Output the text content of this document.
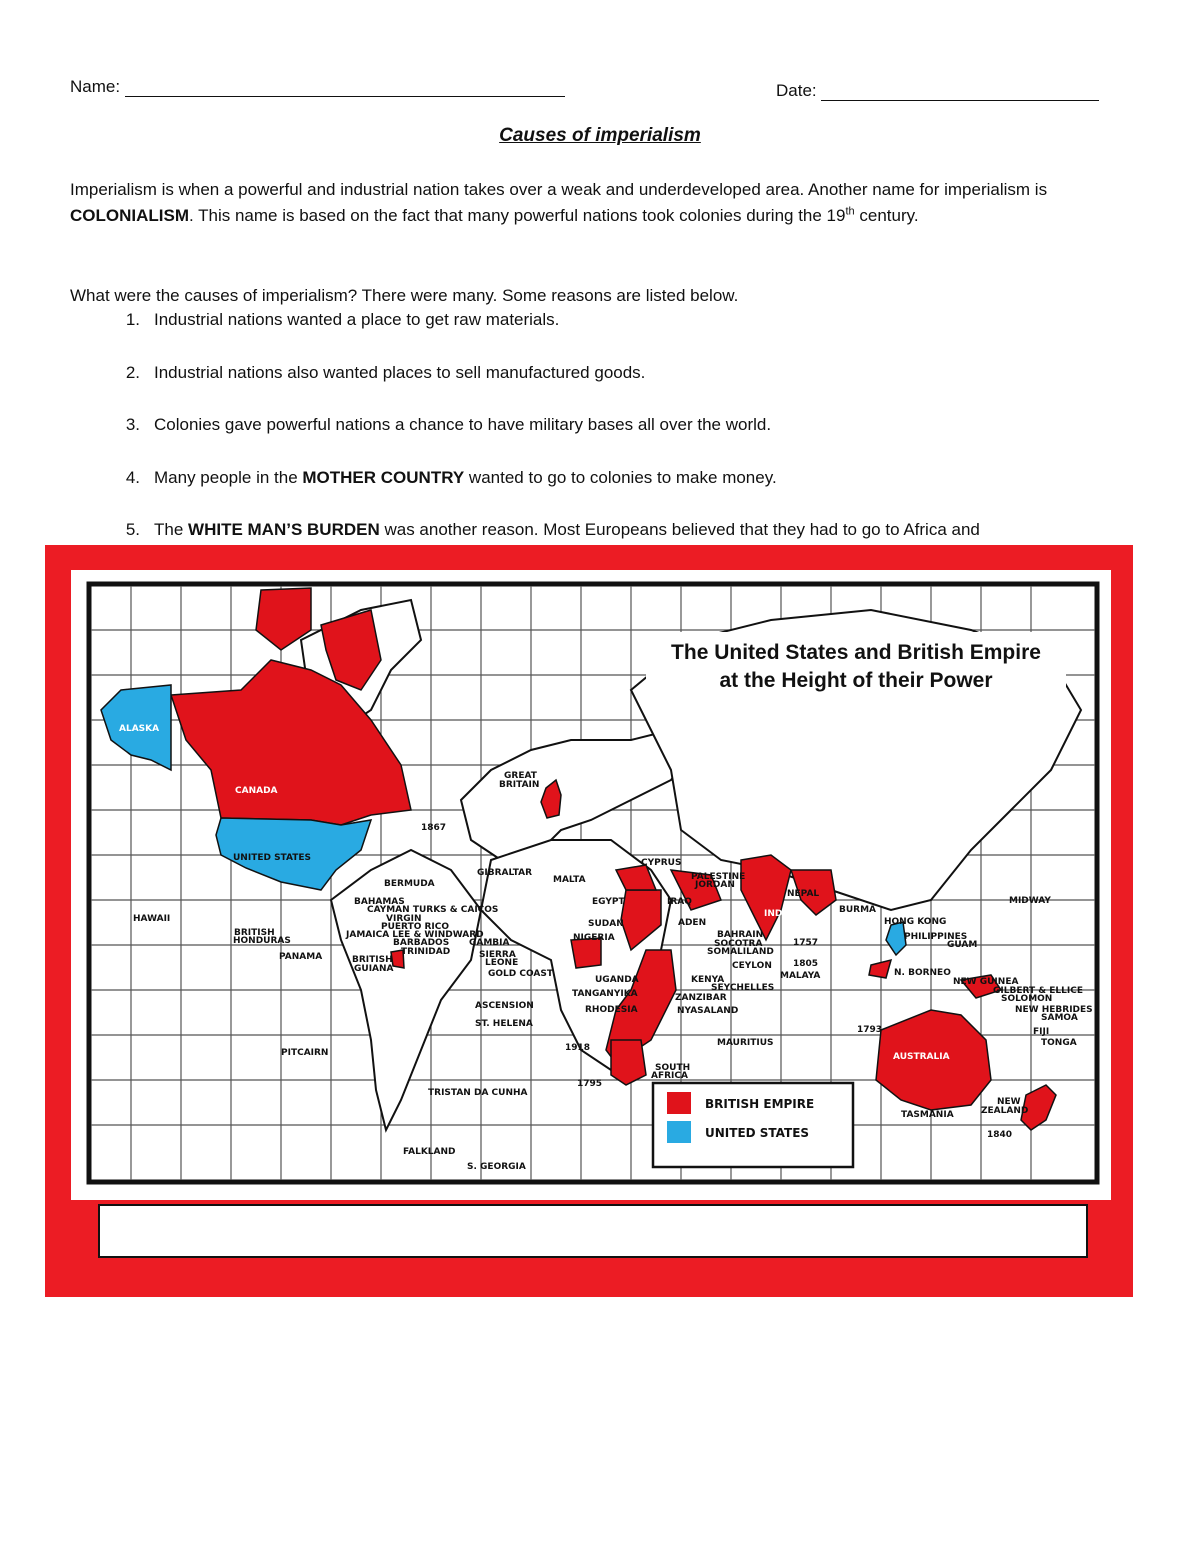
Name:	Date:
Causes of imperialism
Imperialism is when a powerful and industrial nation takes over a weak and underdeveloped area. Another name for imperialism is COLONIALISM. This name is based on the fact that many powerful nations took colonies during the 19th century.
What were the causes of imperialism? There were many. Some reasons are listed below.
1. Industrial nations wanted a place to get raw materials.
2. Industrial nations also wanted places to sell manufactured goods.
3. Colonies gave powerful nations a chance to have military bases all over the world.
4. Many people in the MOTHER COUNTRY wanted to go to colonies to make money.
5. The WHITE MAN’S BURDEN was another reason. Most Europeans believed that they had to go to Africa and
The United States and British Empire
at the Height of their Power
BRITISH EMPIRE
UNITED STATES
ALASKA
CANADA
UNITED STATES
1867
GREAT
BRITAIN
BERMUDA
HAWAII
BAHAMAS
CAYMAN TURKS & CAICOS
VIRGIN
PUERTO RICO
JAMAICA LEE & WINDWARD
BARBADOS
TRINIDAD
BRITISH
HONDURAS
PANAMA	BRITISH
GUIANA
GIBRALTAR
MALTA
CYPRUS
PALESTINE
JORDAN
EGYPT	IRAQ
ADEN
SUDAN
NIGERIA
GAMBIA
SIERRA
LEONE
GOLD COAST
BAHRAIN
SOCOTRA
SOMALILAND
NEPAL
INDIA	BURMA
1757
1805
CEYLON
MALAYA
HONG KONG
PHILIPPINES
GUAM
MIDWAY
N. BORNEO
UGANDA	KENYA
SEYCHELLES
TANGANYIKA	ZANZIBAR
RHODESIA	NYASALAND
ASCENSION
ST. HELENA
1918
1795
SOUTH
AFRICA
MAURITIUS
NEW GUINEA
GILBERT & ELLICE
SOLOMON
NEW HEBRIDES
SAMOA
FIJI
TONGA
1793
AUSTRALIA
TASMANIA
NEW
ZEALAND
1840
PITCAIRN
TRISTAN DA CUNHA
FALKLAND
S. GEORGIA
